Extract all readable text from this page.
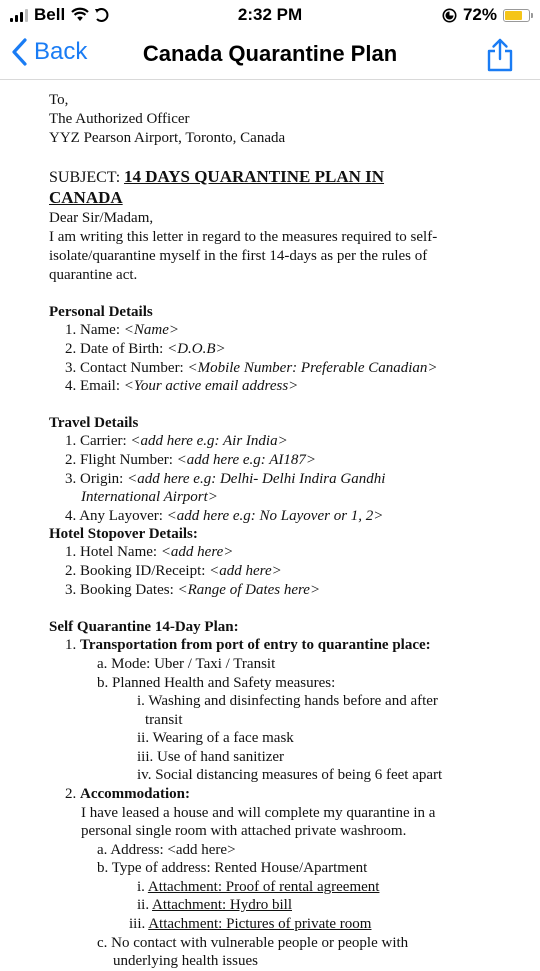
Bell	2:32 PM	72%
Back	Canada Quarantine Plan
To,
The Authorized Officer
YYZ Pearson Airport, Toronto, Canada
SUBJECT: 14 DAYS QUARANTINE PLAN IN
CANADA
Dear Sir/Madam,
I am writing this letter in regard to the measures required to self-
isolate/quarantine myself in the first 14-days as per the rules of
quarantine act.
Personal Details
1. Name: <Name>
2. Date of Birth: <D.O.B>
3. Contact Number: <Mobile Number: Preferable Canadian>
4. Email: <Your active email address>
Travel Details
1. Carrier: <add here e.g: Air India>
2. Flight Number: <add here e.g: AI187>
3. Origin: <add here e.g: Delhi- Delhi Indira Gandhi
International Airport>
4. Any Layover: <add here e.g: No Layover or 1, 2>
Hotel Stopover Details:
1. Hotel Name: <add here>
2. Booking ID/Receipt: <add here>
3. Booking Dates: <Range of Dates here>
Self Quarantine 14-Day Plan:
1. Transportation from port of entry to quarantine place:
a. Mode: Uber / Taxi / Transit
b. Planned Health and Safety measures:
i. Washing and disinfecting hands before and after
transit
ii. Wearing of a face mask
iii. Use of hand sanitizer
iv. Social distancing measures of being 6 feet apart
2. Accommodation:
I have leased a house and will complete my quarantine in a
personal single room with attached private washroom.
a. Address: <add here>
b. Type of address: Rented House/Apartment
i. Attachment: Proof of rental agreement
ii. Attachment: Hydro bill
iii. Attachment: Pictures of private room
c. No contact with vulnerable people or people with
underlying health issues
